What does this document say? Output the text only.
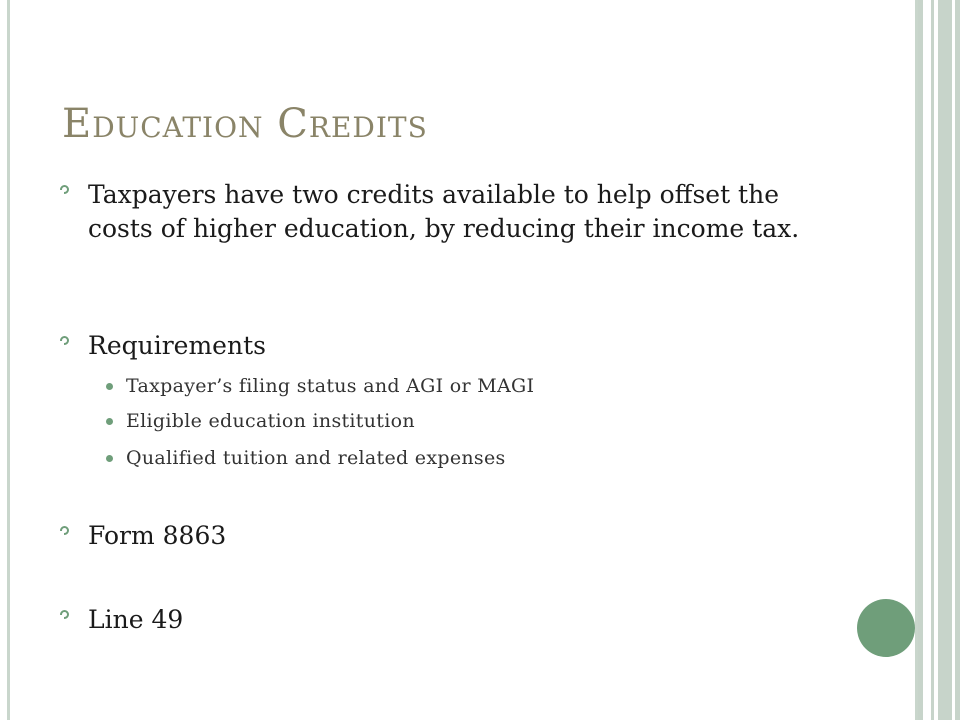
Education Credits
Taxpayers have two credits available to help offset the costs of higher education, by reducing their income tax.
Requirements
Taxpayer’s filing status and AGI or MAGI
Eligible education institution
Qualified tuition and related expenses
Form 8863
Line 49
